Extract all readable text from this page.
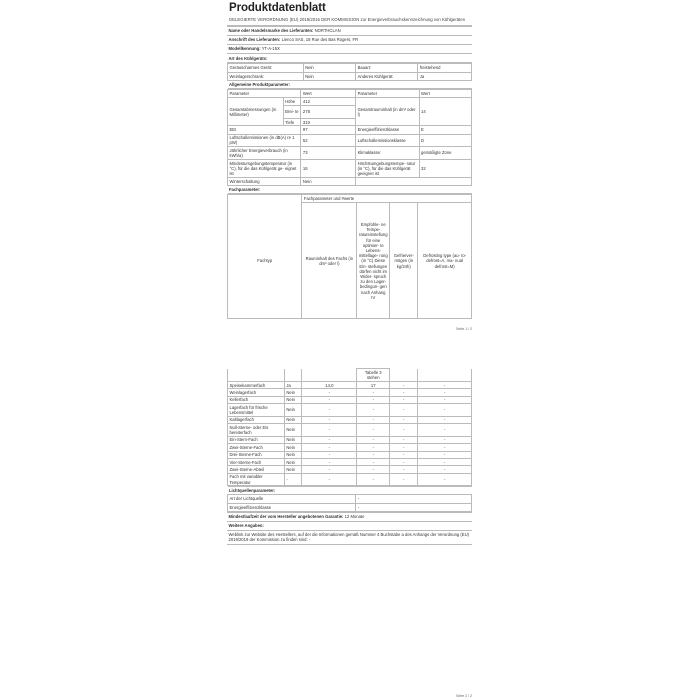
Produktdatenblatt
DELEGIERTE VERORDNUNG (EU) 2019/2016 DER KOMMISSION zur Energieverbrauchskennzeichnung von Kühlgeräten
Name oder Handelsmarke des Lieferanten: NORTHCLAN
Anschrift des Lieferanten: Lienco SAS, 18 Rue des Bas Rogers, FR
Modellkennung: YT-A-15X
Art des Kühlgeräts:
Geräuscharmes Gerät:	Nein	Bauart:	freistehend
Weinlagerschrank:	Nein	Anderes Kühlgerät:	Ja
Allgemeine Produktparameter:			
Parameter		Wert	Parameter	Wert
Gesamtabmessungen (in Millimeter)	Höhe	412	Gesamtrauminhalt (in dm³ oder l)	14
	Brei- te	278		
	Tiefe	310		
EEI		97	Energieeffizienzklasse	E
Luftschallemissionen (in dB(A) re 1 pW)		52	Luftschallemissionsklasse	D
Jährlicher Energieverbrauch (in kWh/a)		73	Klimaklasse:	gemäßigte Zone
Mindestumgebungstemperatur (in °C), für die das Kühlgerät ge- eignet ist		16	Höchstumgebungstempe- ratur (in °C), für die das Kühlgerät geeignet ist	32
Winterschaltung		Nein		
Fachparameter:				
	Fachparameter und #werte			
Fachtyp	Rauminhalt des Fachs (in dm³ oder l)	Empfohle- ne Tempe- ratureinstellung für eine optimier- te Lebens- mittellage- rung (in °C) Diese Ein- stellungen dürfen nicht im Wider- spruch zu den Lager- bedingun- gen nach Anhang IV	Gefrierver- mögen (in kg/24h)	Defrosting type (au- to-defrost=A, ma- nual defrost=M)
Seite 1 / 2
			Tabelle 3 stehen		
Speisekammerfach	Ja	14,0	17	-	-
Weinlagerfach	Nein	-	-	-	-
Kellerfach	Nein	-	-	-	-
Lagerfach für frische Lebensmittel	Nein	-	-	-	-
Kaltlagerfach	Nein	-	-	-	-
Null-Sterne- oder Eis bereiterfach	Nein	-	-	-	-
Ein-Stern-Fach	Nein	-	-	-	-
Zwei-Sterne-Fach	Nein	-	-	-	-
Drei-Sterne-Fach	Nein	-	-	-	-
Vier-Sterne-Fach	Nein	-	-	-	-
Zwei-Sterne-Abteil	Nein	-	-	-	-
Fach mit variabler Temperatur	-	-	-	-	-
Lichtquellenparameter:	
Art der Lichtquelle	-
Energieeffizienzklasse	-
Mindestlaufzeit der vom Hersteller angebotenen Garantie: 12 Monate
Weitere Angaben:
Weblink zur Website des Herstellers, auf der die Informationen gemäß Nummer 4 Buchstabe a des Anhangs der Verordnung (EU) 2019/2019 der Kommission zu finden sind: -
Seite 2 / 2
